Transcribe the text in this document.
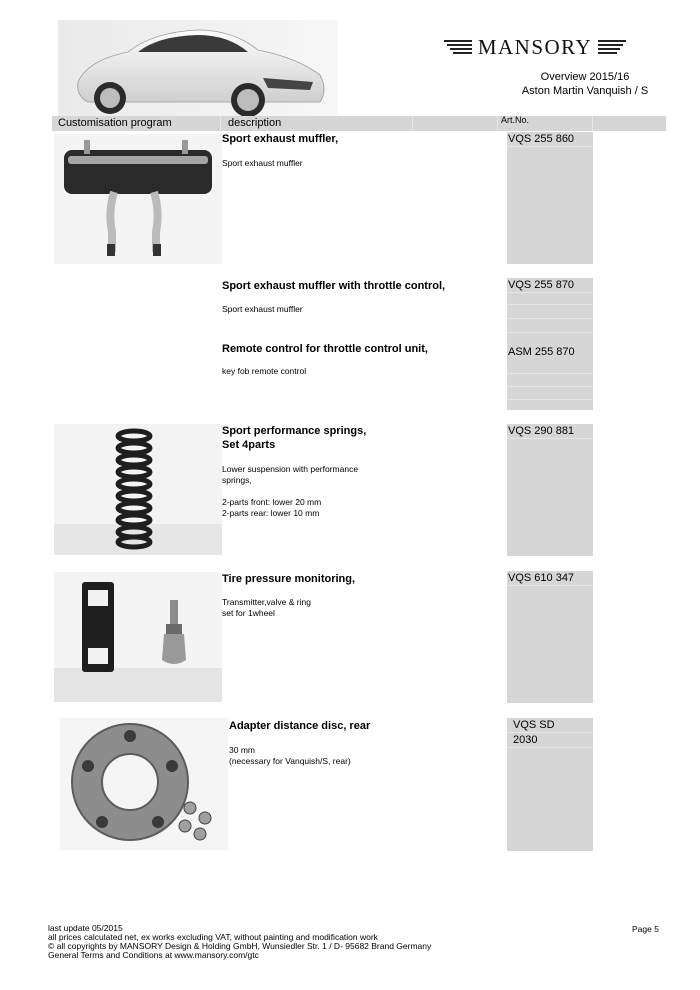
MANSORY
Overview 2015/16
Aston Martin Vanquish / S
Customisation program	description	Art.No.
Sport exhaust muffler,
Sport exhaust muffler
VQS 255 860
Sport exhaust muffler with throttle control,
Sport exhaust muffler
Remote control for throttle control unit,
key fob remote control
VQS 255 870
ASM 255 870
Sport performance springs,
Set 4parts
Lower suspension with performance
springs,
2-parts front: lower 20 mm
2-parts rear: lower 10 mm
VQS 290 881
Tire pressure monitoring,
Transmitter,valve & ring
set for 1wheel
VQS 610 347
Adapter distance disc, rear
30 mm
(necessary for Vanquish/S, rear)
VQS SD
2030
last update 05/2015
all prices calculated net, ex works excluding VAT, without painting and modification work
© all copyrights by MANSORY Design & Holding GmbH, Wunsiedler Str. 1 / D- 95682 Brand Germany
General Terms and Conditions at www.mansory.com/gtc
Page 5
